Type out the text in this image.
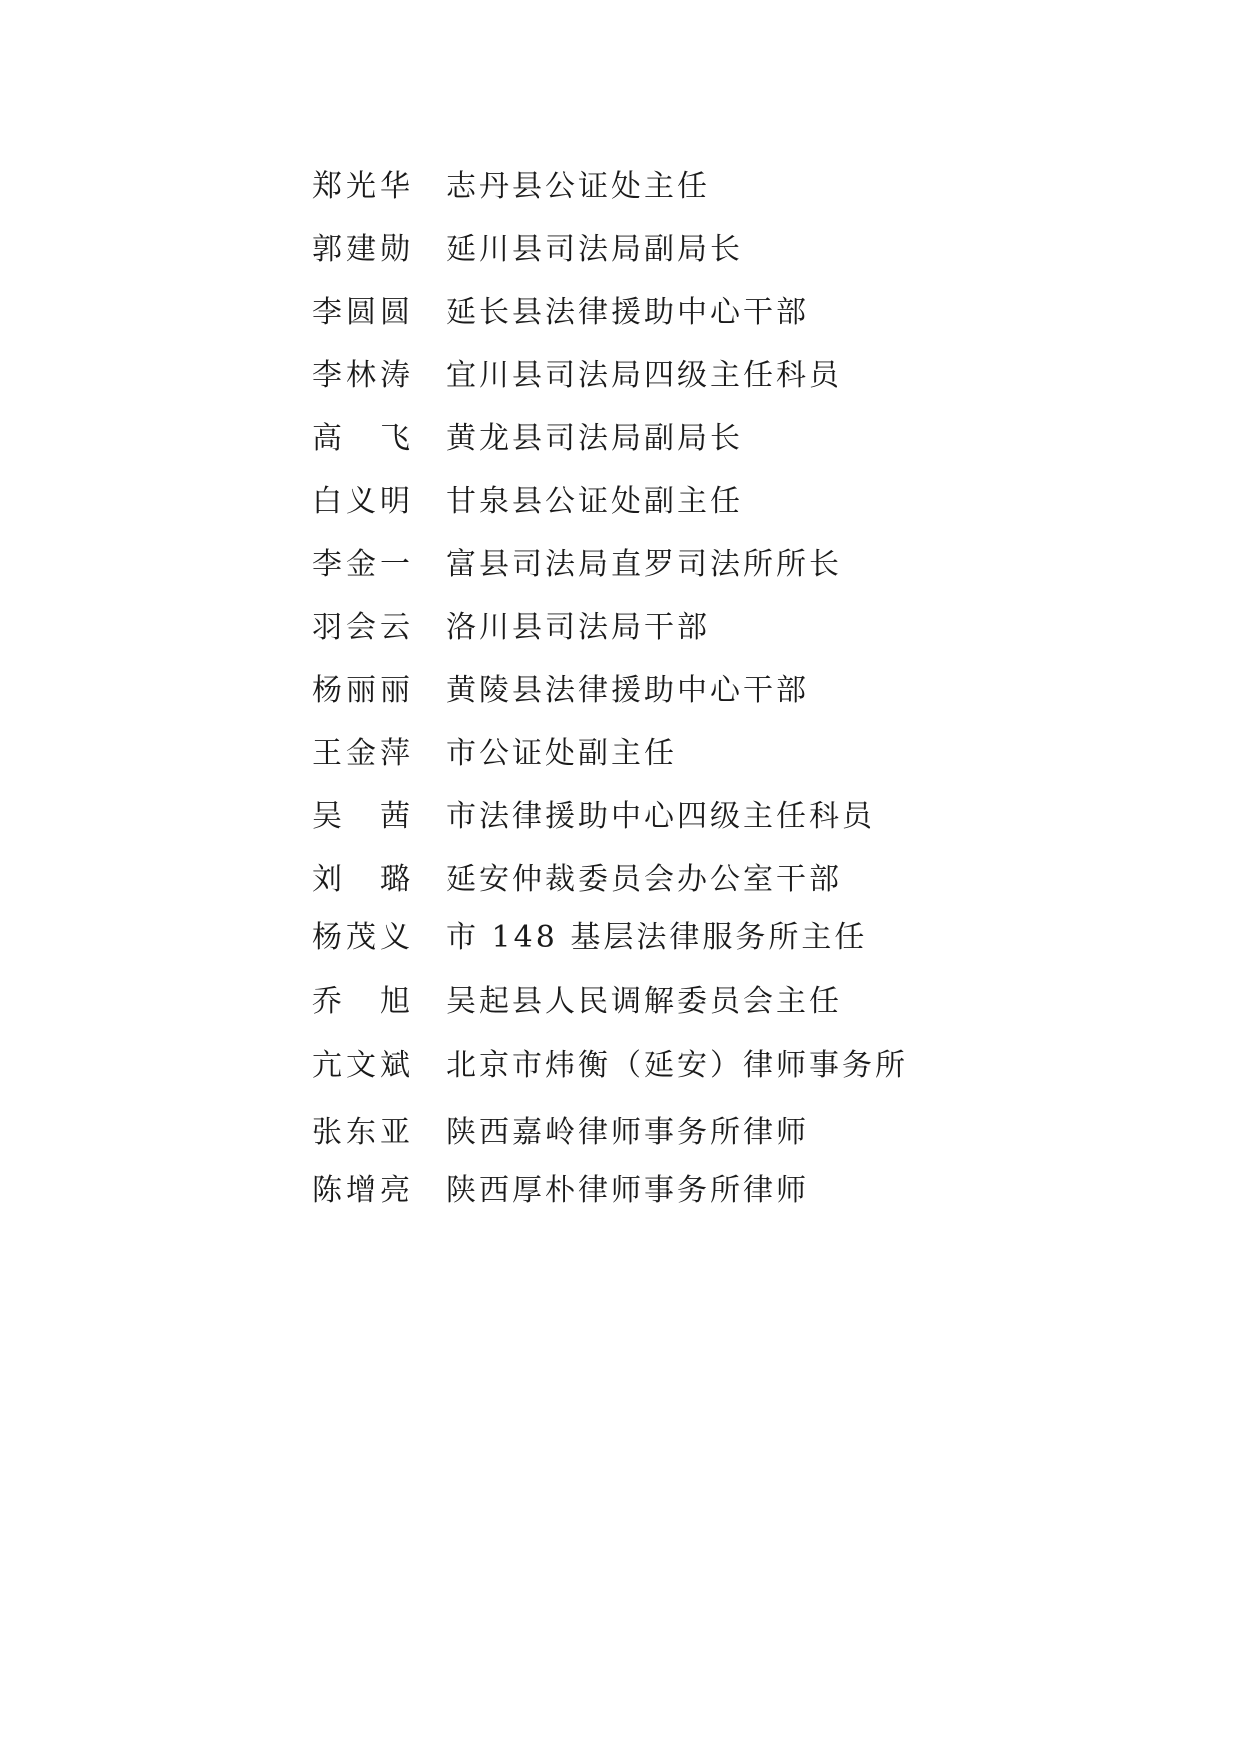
郑光华	志丹县公证处主任
郭建勋	延川县司法局副局长
李圆圆	延长县法律援助中心干部
李林涛	宜川县司法局四级主任科员
高　飞	黄龙县司法局副局长
白义明	甘泉县公证处副主任
李金一	富县司法局直罗司法所所长
羽会云	洛川县司法局干部
杨丽丽	黄陵县法律援助中心干部
王金萍	市公证处副主任
吴　茜	市法律援助中心四级主任科员
刘　璐	延安仲裁委员会办公室干部
杨茂义	市 148 基层法律服务所主任
乔　旭	吴起县人民调解委员会主任
亢文斌	北京市炜衡（延安）律师事务所
张东亚	陕西嘉岭律师事务所律师
陈增亮	陕西厚朴律师事务所律师
